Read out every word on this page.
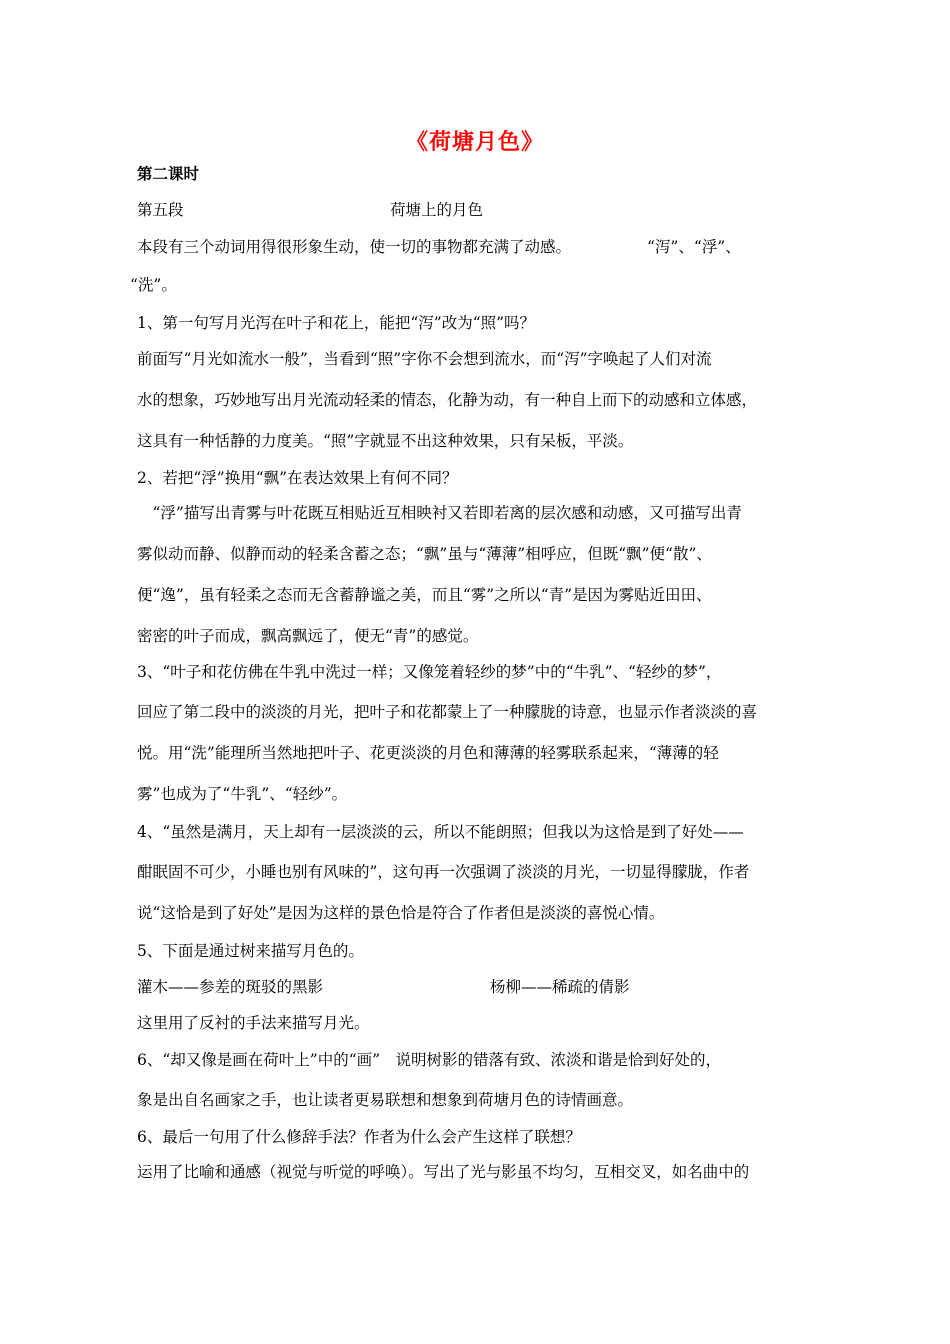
《荷塘月色》
第二课时
第五段	荷塘上的月色
本段有三个动词用得很形象生动，使一切的事物都充满了动感。	“泻”、“浮”、
“洗”。
1、第一句写月光泻在叶子和花上，能把“泻”改为“照”吗？
前面写“月光如流水一般”，当看到“照”字你不会想到流水，而“泻”字唤起了人们对流
水的想象，巧妙地写出月光流动轻柔的情态，化静为动，有一种自上而下的动感和立体感，
这具有一种恬静的力度美。“照”字就显不出这种效果，只有呆板，平淡。
2、若把“浮”换用“飘”在表达效果上有何不同？
　“浮”描写出青雾与叶花既互相贴近互相映衬又若即若离的层次感和动感，又可描写出青
雾似动而静、似静而动的轻柔含蓄之态；“飘”虽与“薄薄”相呼应，但既“飘”便“散”、
便“逸”，虽有轻柔之态而无含蓄静谧之美，而且“雾”之所以“青”是因为雾贴近田田、
密密的叶子而成，飘高飘远了，便无“青”的感觉。
3、“叶子和花仿佛在牛乳中洗过一样；又像笼着轻纱的梦”中的“牛乳”、“轻纱的梦”，
回应了第二段中的淡淡的月光，把叶子和花都蒙上了一种朦胧的诗意，也显示作者淡淡的喜
悦。用“洗”能理所当然地把叶子、花更淡淡的月色和薄薄的轻雾联系起来，“薄薄的轻
雾”也成为了“牛乳”、“轻纱”。
4、“虽然是满月，天上却有一层淡淡的云，所以不能朗照；但我以为这恰是到了好处——
酣眠固不可少，小睡也别有风味的”，这句再一次强调了淡淡的月光，一切显得朦胧，作者
说“这恰是到了好处”是因为这样的景色恰是符合了作者但是淡淡的喜悦心情。
5、下面是通过树来描写月色的。
灌木——参差的斑驳的黑影	杨柳——稀疏的倩影
这里用了反衬的手法来描写月光。
6、“却又像是画在荷叶上”中的“画”　说明树影的错落有致、浓淡和谐是恰到好处的，
象是出自名画家之手，也让读者更易联想和想象到荷塘月色的诗情画意。
6、最后一句用了什么修辞手法？作者为什么会产生这样了联想？
运用了比喻和通感（视觉与听觉的呼唤）。写出了光与影虽不均匀，互相交叉，如名曲中的
